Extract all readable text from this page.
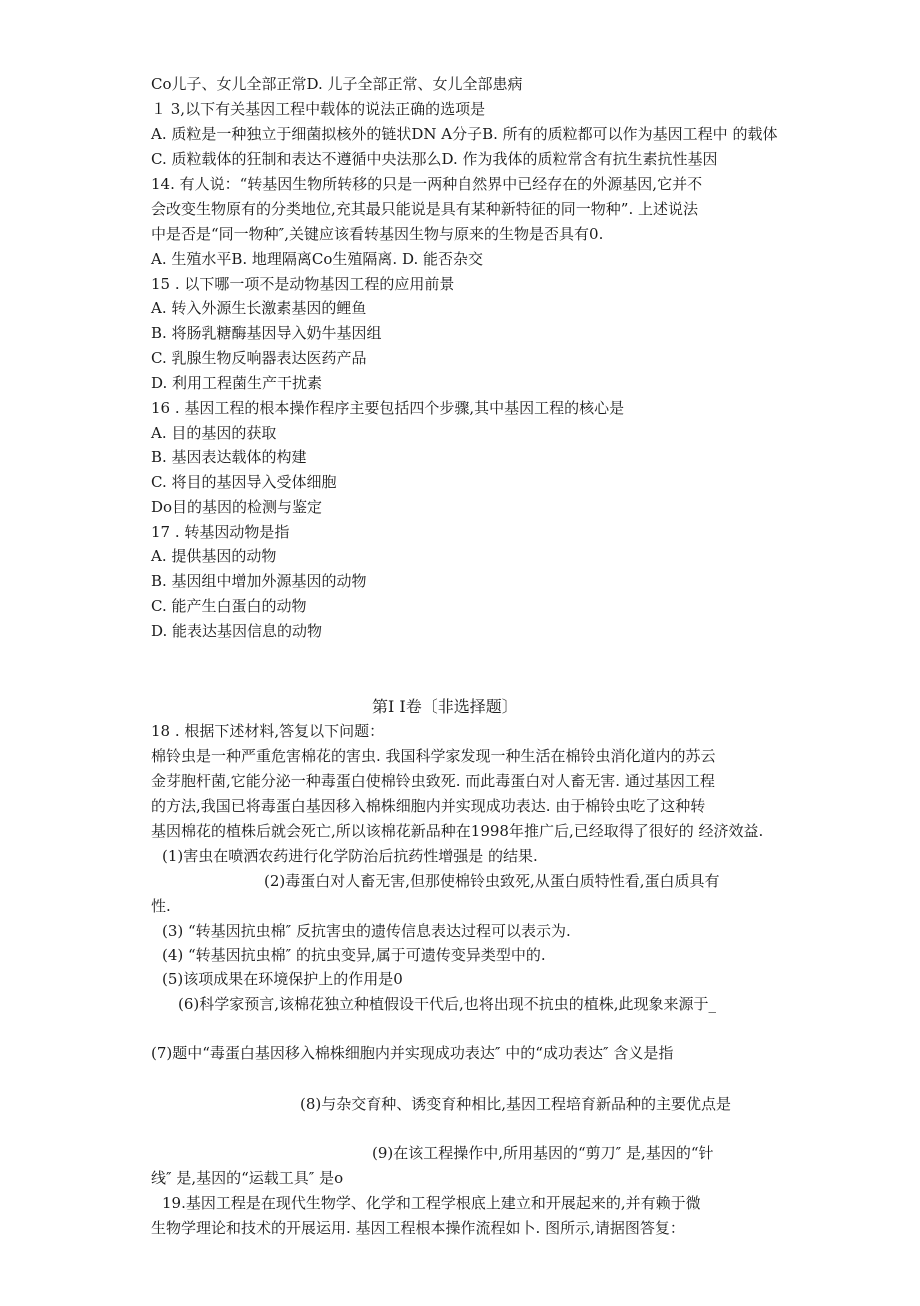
Co儿子、女儿全部正常D. 儿子全部正常、女儿全部患病
１ 3,以下有关基因工程中载体的说法正确的选项是
A. 质粒是一种独立于细菌拟核外的链状DN A分子B. 所有的质粒都可以作为基因工程中 的载体
C. 质粒载体的狂制和表达不遵循中央法那么D. 作为我体的质粒常含有抗生素抗性基因
14. 有人说：“转基因生物所转移的只是一两种自然界中已经存在的外源基因,它并不
会改变生物原有的分类地位,充其最只能说是具有某种新特征的同一物种”. 上述说法
中是否是“同一物种″,关键应该看转基因生物与原来的生物是否具有0.
A. 生殖水平B. 地理隔离Co生殖隔离. D. 能否杂交
15 . 以下哪一项不是动物基因工程的应用前景
A. 转入外源生长激素基因的鲤鱼
B. 将肠乳糖酶基因导入奶牛基因组
C. 乳腺生物反响器表达医药产品
D. 利用工程菌生产干扰素
16 . 基因工程的根本操作程序主要包括四个步骤,其中基因工程的核心是
A. 目的基因的获取
B. 基因表达载体的构建
C. 将目的基因导入受体细胞
Do目的基因的检测与鉴定
17 . 转基因动物是指
A. 提供基因的动物
B. 基因组中增加外源基因的动物
C. 能产生白蛋白的动物
D. 能表达基因信息的动物
第I I卷〔非选择题〕
18 . 根据下述材料,答复以下问题：
棉铃虫是一种严重危害棉花的害虫. 我国科学家发现一种生活在棉铃虫消化道内的苏云
金芽胞杆菌,它能分泌一种毒蛋白使棉铃虫致死. 而此毒蛋白对人畜无害. 通过基因工程
的方法,我国已将毒蛋白基因移入棉株细胞内并实现成功表达. 由于棉铃虫吃了这种转
基因棉花的植株后就会死亡,所以该棉花新品种在1998年推广后,已经取得了很好的 经济效益.
(1)害虫在喷洒农药进行化学防治后抗药性增强是 的结果.
(2)毒蛋白对人畜无害,但那使棉铃虫致死,从蛋白质特性看,蛋白质具有
性.
(3) “转基因抗虫棉″ 反抗害虫的遗传信息表达过程可以表示为.
(4) “转基因抗虫棉″ 的抗虫变异,属于可遗传变异类型中的.
(5)该项成果在环境保护上的作用是0
(6)科学家预言,该棉花独立种植假设干代后,也将出现不抗虫的植株,此现象来源于_
(7)题中“毒蛋白基因移入棉株细胞内并实现成功表达″ 中的“成功表达″ 含义是指
(8)与杂交育种、诱变育种相比,基因工程培育新品种的主要优点是
(9)在该工程操作中,所用基因的“剪刀″ 是,基因的“针
线″ 是,基因的“运载工具″ 是o
19.基因工程是在现代生物学、化学和工程学根底上建立和开展起来的,并有赖于微
生物学理论和技术的开展运用. 基因工程根本操作流程如卜. 图所示,请据图答复：
